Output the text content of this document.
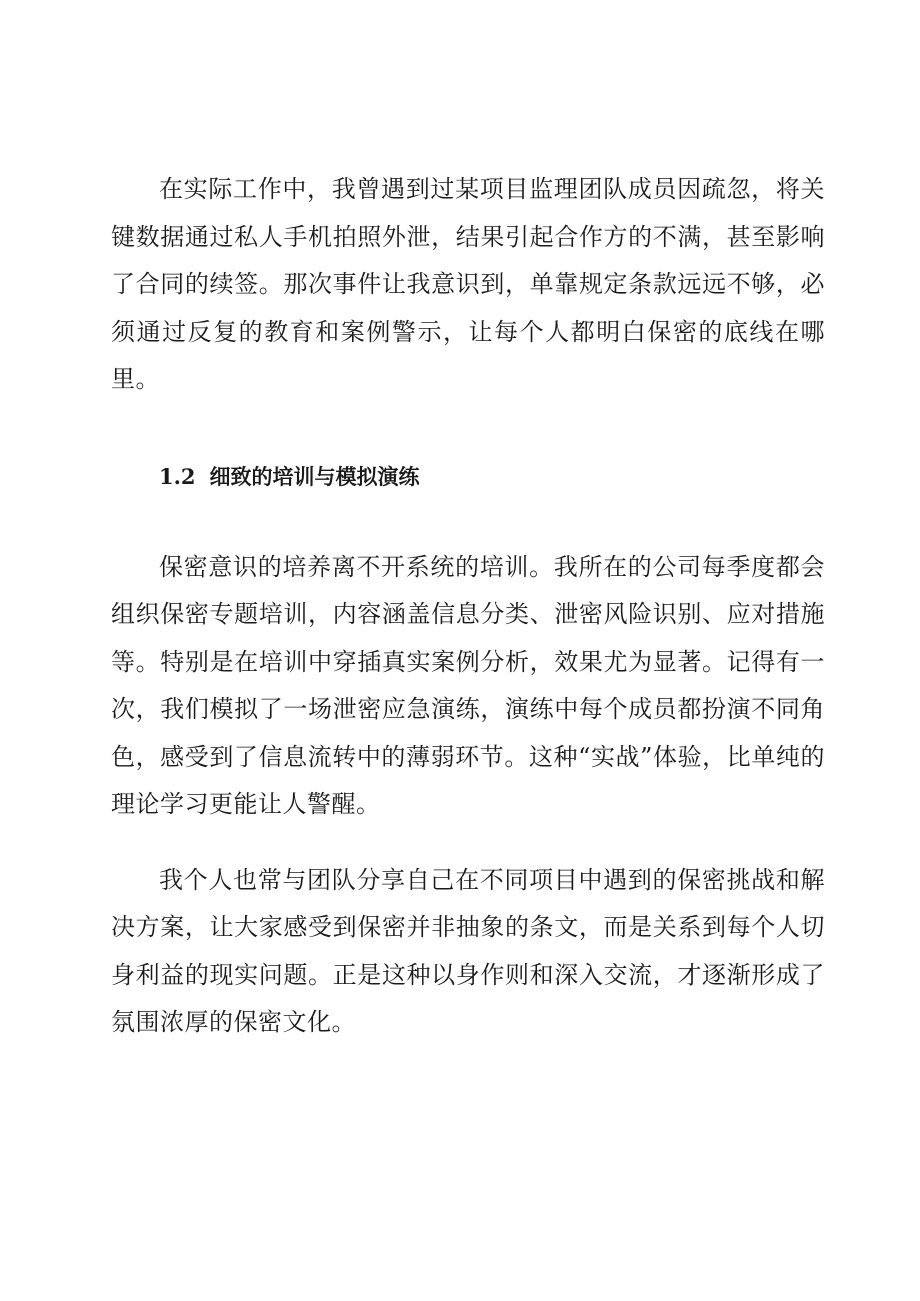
在实际工作中，我曾遇到过某项目监理团队成员因疏忽，将关键数据通过私人手机拍照外泄，结果引起合作方的不满，甚至影响了合同的续签。那次事件让我意识到，单靠规定条款远远不够，必须通过反复的教育和案例警示，让每个人都明白保密的底线在哪里。

1.2 细致的培训与模拟演练

保密意识的培养离不开系统的培训。我所在的公司每季度都会组织保密专题培训，内容涵盖信息分类、泄密风险识别、应对措施等。特别是在培训中穿插真实案例分析，效果尤为显著。记得有一次，我们模拟了一场泄密应急演练，演练中每个成员都扮演不同角色，感受到了信息流转中的薄弱环节。这种“实战”体验，比单纯的理论学习更能让人警醒。

我个人也常与团队分享自己在不同项目中遇到的保密挑战和解决方案，让大家感受到保密并非抽象的条文，而是关系到每个人切身利益的现实问题。正是这种以身作则和深入交流，才逐渐形成了氛围浓厚的保密文化。
